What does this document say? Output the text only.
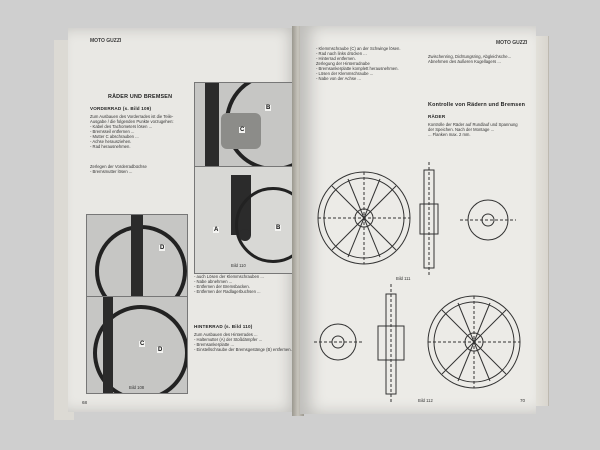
MOTO GUZZI
RÄDER UND BREMSEN
VORDERRAD (s. Bild 109)
Zum Ausbauen des Vorderrades ist die Teile-
Ausgabe / die folgenden Punkte vorzugehen:
- Kabel des Tachometers lösen ...
- Bremsseil entfernen ...
- Mutter C abschrauben ...
- Achse herausziehen.
- Rad herausnehmen.
Zerlegen der Vorderradbüchse
- Bremsmutter lösen ...
B
C
A	B
Bild 110
D
C
D
Bild 108
- auch Lösen der Klemmschrauben ...
- Nabe abnehmen ...
- Entfernen der Bremsbacken.
- Entfernen der Radlagerbuchsen ...
HINTERRAD (s. Bild 110)
Zum Ausbauen des Hinterrades ...
- Haltemutter (A) der Stoßdämpfer ...
- Bremsankerplatte ...
- Einstellschraube der Bremsgestänge (B) entfernen.
68
MOTO GUZZI
- Klemmschraube (C) an der Schwinge lösen.
- Rad nach links drücken ...
- Hinterrad entfernen.
Zerlegung der Hinterradnabe
- Bremsankerplatte komplett herausnehmen.
- Lösen der Klemmschraube ...
- Nabe von der Achse ...
Zwischenring, Dichtungsring, Abgleichsche...
Abnehmen des äußeren Kugellagers ...
Kontrolle von Rädern und Bremsen
RÄDER
Kontrolle der Räder auf Rundlauf und Spannung
der Speichen. Nach der Montage ...
... Flanken max. 2 mm.
Bild 111
Bild 112	70
